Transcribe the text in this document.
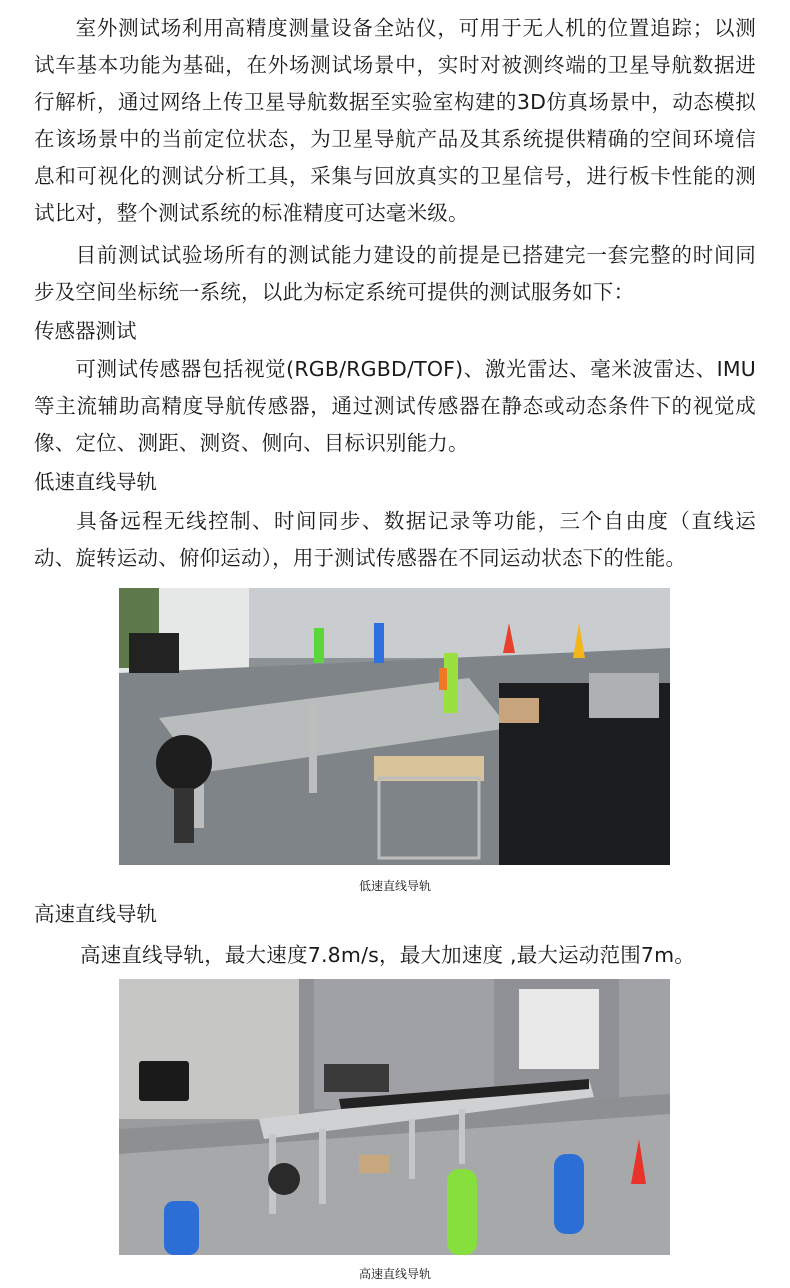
室外测试场利用高精度测量设备全站仪，可用于无人机的位置追踪；以测试车基本功能为基础，在外场测试场景中，实时对被测终端的卫星导航数据进行解析，通过网络上传卫星导航数据至实验室构建的3D仿真场景中，动态模拟在该场景中的当前定位状态，为卫星导航产品及其系统提供精确的空间环境信息和可视化的测试分析工具，采集与回放真实的卫星信号，进行板卡性能的测试比对，整个测试系统的标准精度可达毫米级。

目前测试试验场所有的测试能力建设的前提是已搭建完一套完整的时间同步及空间坐标统一系统，以此为标定系统可提供的测试服务如下：

传感器测试

可测试传感器包括视觉(RGB/RGBD/TOF)、激光雷达、毫米波雷达、IMU等主流辅助高精度导航传感器，通过测试传感器在静态或动态条件下的视觉成像、定位、测距、测资、侧向、目标识别能力。

低速直线导轨

具备远程无线控制、时间同步、数据记录等功能，三个自由度（直线运动、旋转运动、俯仰运动），用于测试传感器在不同运动状态下的性能。

低速直线导轨
高速直线导轨

高速直线导轨，最大速度7.8m/s，最大加速度 ,最大运动范围7m。

高速直线导轨
